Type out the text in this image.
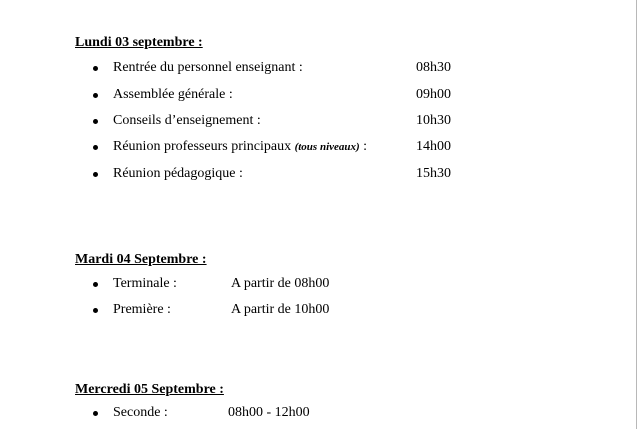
Lundi 03 septembre :
Rentrée du personnel enseignant :	08h30
Assemblée générale :	09h00
Conseils d’enseignement :	10h30
Réunion professeurs principaux (tous niveaux) :	14h00
Réunion pédagogique :	15h30
Mardi 04 Septembre :
Terminale :	A partir de 08h00
Première :	A partir de 10h00
Mercredi 05 Septembre :
Seconde :	08h00 - 12h00
